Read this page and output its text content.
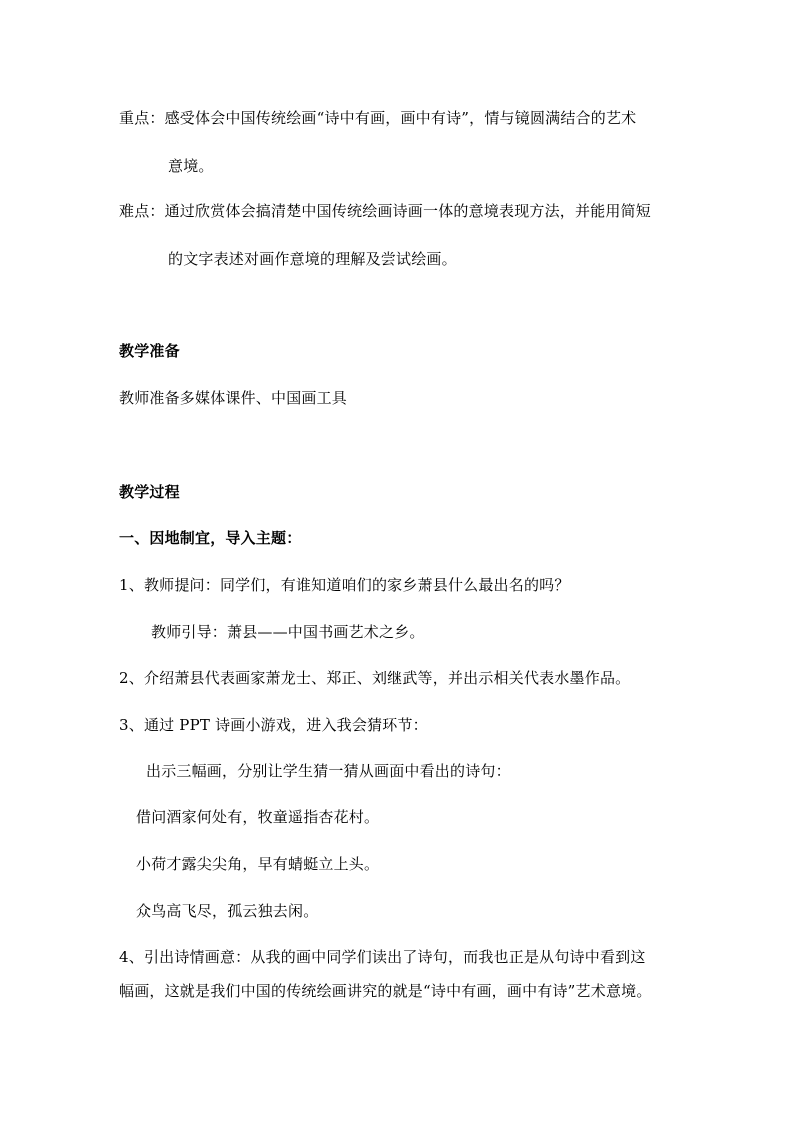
重点：感受体会中国传统绘画“诗中有画，画中有诗”，情与镜圆满结合的艺术
意境。
难点：通过欣赏体会搞清楚中国传统绘画诗画一体的意境表现方法，并能用简短
的文字表述对画作意境的理解及尝试绘画。
教学准备
教师准备多媒体课件、中国画工具
教学过程
一、因地制宜，导入主题：
1、教师提问：同学们，有谁知道咱们的家乡萧县什么最出名的吗？
教师引导：萧县——中国书画艺术之乡。
2、介绍萧县代表画家萧龙士、郑正、刘继武等，并出示相关代表水墨作品。
3、通过 PPT 诗画小游戏，进入我会猜环节：
出示三幅画，分别让学生猜一猜从画面中看出的诗句：
借问酒家何处有，牧童遥指杏花村。
小荷才露尖尖角，早有蜻蜓立上头。
众鸟高飞尽，孤云独去闲。
4、引出诗情画意：从我的画中同学们读出了诗句，而我也正是从句诗中看到这
幅画，这就是我们中国的传统绘画讲究的就是“诗中有画，画中有诗”艺术意境。
